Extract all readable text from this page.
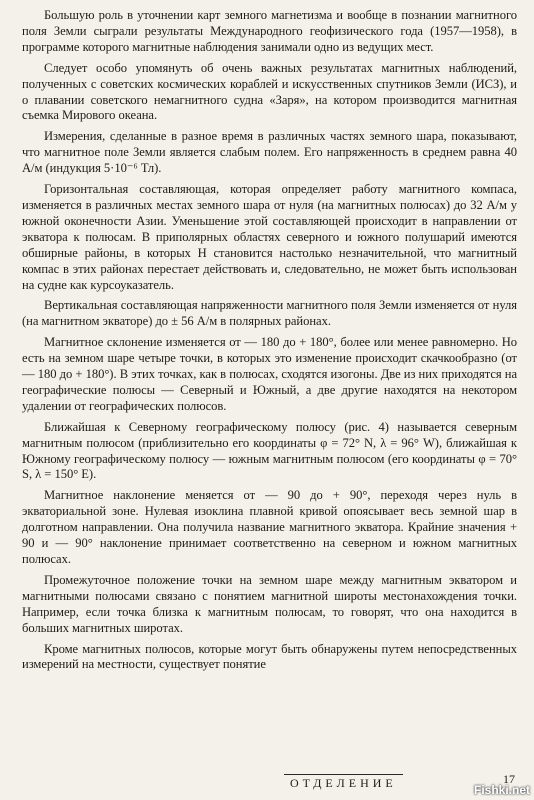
Большую роль в уточнении карт земного магнетизма и вообще в познании магнитного поля Земли сыграли результаты Международного геофизического года (1957—1958), в программе которого магнитные наблюдения занимали одно из ведущих мест.

Следует особо упомянуть об очень важных результатах магнитных наблюдений, полученных с советских космических кораблей и искусственных спутников Земли (ИСЗ), и о плавании советского немагнитного судна «Заря», на котором производится магнитная съемка Мирового океана.

Измерения, сделанные в разное время в различных частях земного шара, показывают, что магнитное поле Земли является слабым полем. Его напряженность в среднем равна 40 А/м (индукция 5·10⁻⁶ Тл).

Горизонтальная составляющая, которая определяет работу магнитного компаса, изменяется в различных местах земного шара от нуля (на магнитных полюсах) до 32 А/м у южной оконечности Азии. Уменьшение этой составляющей происходит в направлении от экватора к полюсам. В приполярных областях северного и южного полушарий имеются обширные районы, в которых H становится настолько незначительной, что магнитный компас в этих районах перестает действовать и, следовательно, не может быть использован на судне как курсоуказатель.

Вертикальная составляющая напряженности магнитного поля Земли изменяется от нуля (на магнитном экваторе) до ± 56 А/м в полярных районах.

Магнитное склонение изменяется от — 180 до + 180°, более или менее равномерно. Но есть на земном шаре четыре точки, в которых это изменение происходит скачкообразно (от — 180 до + 180°). В этих точках, как в полюсах, сходятся изогоны. Две из них приходятся на географические полюсы — Северный и Южный, а две другие находятся на некотором удалении от географических полюсов.

Ближайшая к Северному географическому полюсу (рис. 4) называется северным магнитным полюсом (приблизительно его координаты φ = 72° N, λ = 96° W), ближайшая к Южному географическому полюсу — южным магнитным полюсом (его координаты φ = 70° S, λ = 150° E).

Магнитное наклонение меняется от — 90 до + 90°, переходя через нуль в экваториальной зоне. Нулевая изоклина плавной кривой опоясывает весь земной шар в долготном направлении. Она получила название магнитного экватора. Крайние значения + 90 и — 90° наклонение принимает соответственно на северном и южном магнитных полюсах.

Промежуточное положение точки на земном шаре между магнитным экватором и магнитными полюсами связано с понятием магнитной широты местонахождения точки. Например, если точка близка к магнитным полюсам, то говорят, что она находится в больших магнитных широтах.

Кроме магнитных полюсов, которые могут быть обнаружены путем непосредственных измерений на местности, существует понятие

ОТДЕЛЕНИЕ	17
Fishki.net
